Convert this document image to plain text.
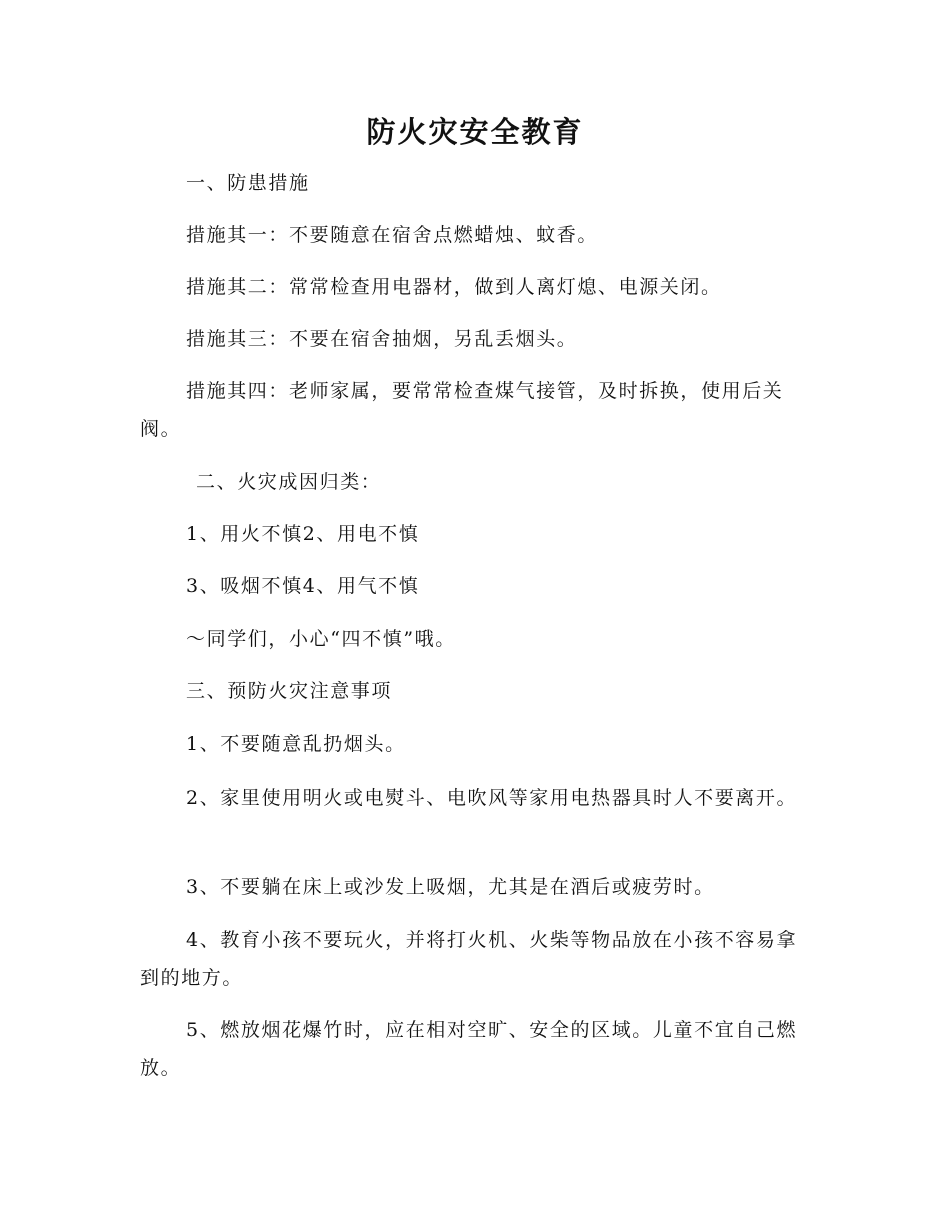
防火灾安全教育

一、防患措施

措施其一：不要随意在宿舍点燃蜡烛、蚊香。

措施其二：常常检查用电器材，做到人离灯熄、电源关闭。

措施其三：不要在宿舍抽烟，另乱丢烟头。

措施其四：老师家属，要常常检查煤气接管，及时拆换，使用后关阀。

二、火灾成因归类：

1、用火不慎2、用电不慎

3、吸烟不慎4、用气不慎

～同学们，小心“四不慎”哦。

三、预防火灾注意事项

1、不要随意乱扔烟头。

2、家里使用明火或电熨斗、电吹风等家用电热器具时人不要离开。

3、不要躺在床上或沙发上吸烟，尤其是在酒后或疲劳时。

4、教育小孩不要玩火，并将打火机、火柴等物品放在小孩不容易拿到的地方。

5、燃放烟花爆竹时，应在相对空旷、安全的区域。儿童不宜自己燃放。
